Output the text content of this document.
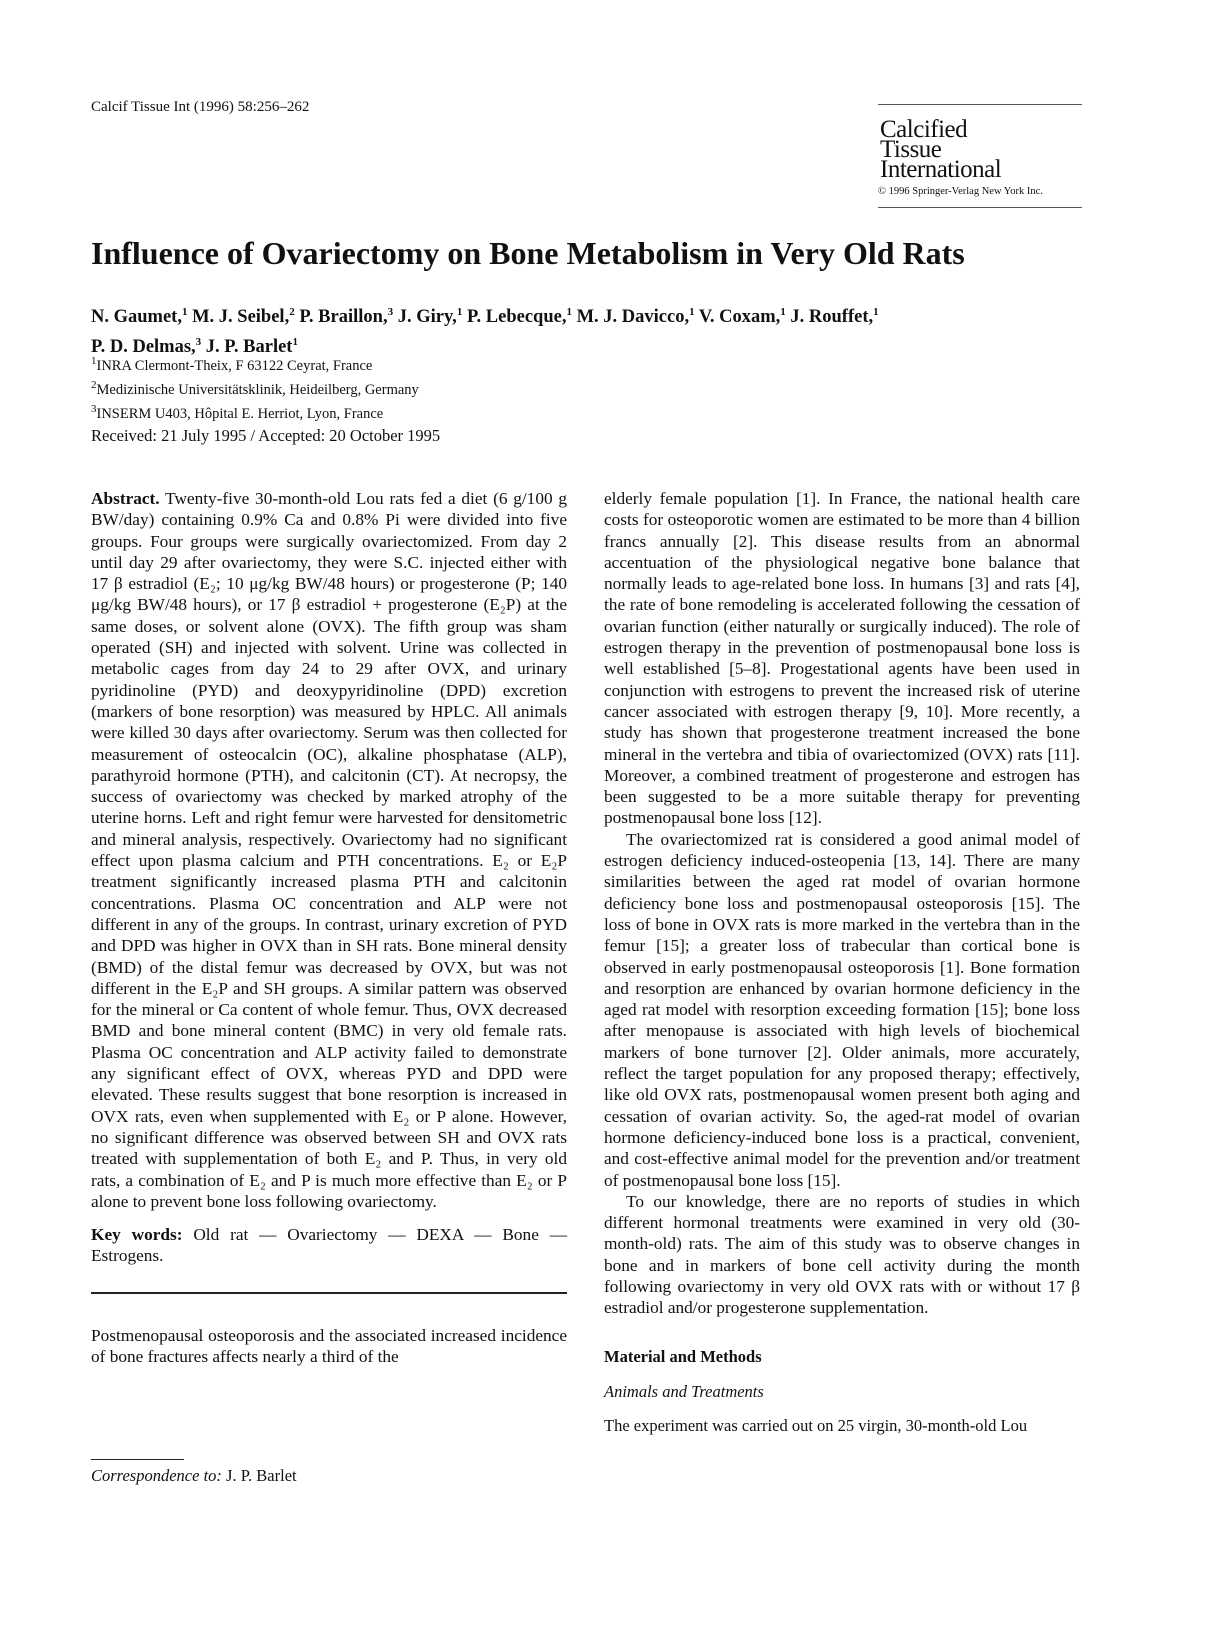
Calcif Tissue Int (1996) 58:256–262
Calcified
Tissue
International
© 1996 Springer-Verlag New York Inc.
Influence of Ovariectomy on Bone Metabolism in Very Old Rats
N. Gaumet,$^1$ M. J. Seibel,$^2$ P. Braillon,$^3$ J. Giry,$^1$ P. Lebecque,$^1$ M. J. Davicco,$^1$ V. Coxam,$^1$ J. Rouffet,$^1$
P. D. Delmas,$^3$ J. P. Barlet$^1$
$^1$INRA Clermont-Theix, F 63122 Ceyrat, France
$^2$Medizinische Universitätsklinik, Heideilberg, Germany
$^3$INSERM U403, Hôpital E. Herriot, Lyon, France
Received: 21 July 1995 / Accepted: 20 October 1995

Abstract. Twenty-five 30-month-old Lou rats fed a diet (6 g/100 g BW/day) containing 0.9% Ca and 0.8% Pi were divided into five groups. Four groups were surgically ovariectomized. From day 2 until day 29 after ovariectomy, they were S.C. injected either with 17 β estradiol (E₂; 10 μg/kg BW/48 hours) or progesterone (P; 140 μg/kg BW/48 hours), or 17 β estradiol + progesterone (E₂P) at the same doses, or solvent alone (OVX). The fifth group was sham operated (SH) and injected with solvent. Urine was collected in metabolic cages from day 24 to 29 after OVX, and urinary pyridinoline (PYD) and deoxypyridinoline (DPD) excretion (markers of bone resorption) was measured by HPLC. All animals were killed 30 days after ovariectomy. Serum was then collected for measurement of osteocalcin (OC), alkaline phosphatase (ALP), parathyroid hormone (PTH), and calcitonin (CT). At necropsy, the success of ovariectomy was checked by marked atrophy of the uterine horns. Left and right femur were harvested for densitometric and mineral analysis, respectively. Ovariectomy had no significant effect upon plasma calcium and PTH concentrations. E₂ or E₂P treatment significantly increased plasma PTH and calcitonin concentrations. Plasma OC concentration and ALP were not different in any of the groups. In contrast, urinary excretion of PYD and DPD was higher in OVX than in SH rats. Bone mineral density (BMD) of the distal femur was decreased by OVX, but was not different in the E₂P and SH groups. A similar pattern was observed for the mineral or Ca content of whole femur. Thus, OVX decreased BMD and bone mineral content (BMC) in very old female rats. Plasma OC concentration and ALP activity failed to demonstrate any significant effect of OVX, whereas PYD and DPD were elevated. These results suggest that bone resorption is increased in OVX rats, even when supplemented with E₂ or P alone. However, no significant difference was observed between SH and OVX rats treated with supplementation of both E₂ and P. Thus, in very old rats, a combination of E₂ and P is much more effective than E₂ or P alone to prevent bone loss following ovariectomy.

Key words: Old rat — Ovariectomy — DEXA — Bone — Estrogens.

Postmenopausal osteoporosis and the associated increased incidence of bone fractures affects nearly a third of the

elderly female population [1]. In France, the national health care costs for osteoporotic women are estimated to be more than 4 billion francs annually [2]. This disease results from an abnormal accentuation of the physiological negative bone balance that normally leads to age-related bone loss. In humans [3] and rats [4], the rate of bone remodeling is accelerated following the cessation of ovarian function (either naturally or surgically induced). The role of estrogen therapy in the prevention of postmenopausal bone loss is well established [5–8]. Progestational agents have been used in conjunction with estrogens to prevent the increased risk of uterine cancer associated with estrogen therapy [9, 10]. More recently, a study has shown that progesterone treatment increased the bone mineral in the vertebra and tibia of ovariectomized (OVX) rats [11]. Moreover, a combined treatment of progesterone and estrogen has been suggested to be a more suitable therapy for preventing postmenopausal bone loss [12].

The ovariectomized rat is considered a good animal model of estrogen deficiency induced-osteopenia [13, 14]. There are many similarities between the aged rat model of ovarian hormone deficiency bone loss and postmenopausal osteoporosis [15]. The loss of bone in OVX rats is more marked in the vertebra than in the femur [15]; a greater loss of trabecular than cortical bone is observed in early postmenopausal osteoporosis [1]. Bone formation and resorption are enhanced by ovarian hormone deficiency in the aged rat model with resorption exceeding formation [15]; bone loss after menopause is associated with high levels of biochemical markers of bone turnover [2]. Older animals, more accurately, reflect the target population for any proposed therapy; effectively, like old OVX rats, postmenopausal women present both aging and cessation of ovarian activity. So, the aged-rat model of ovarian hormone deficiency-induced bone loss is a practical, convenient, and cost-effective animal model for the prevention and/or treatment of postmenopausal bone loss [15].

To our knowledge, there are no reports of studies in which different hormonal treatments were examined in very old (30-month-old) rats. The aim of this study was to observe changes in bone and in markers of bone cell activity during the month following ovariectomy in very old OVX rats with or without 17 β estradiol and/or progesterone supplementation.

Material and Methods

Animals and Treatments

The experiment was carried out on 25 virgin, 30-month-old Lou

Correspondence to: J. P. Barlet
